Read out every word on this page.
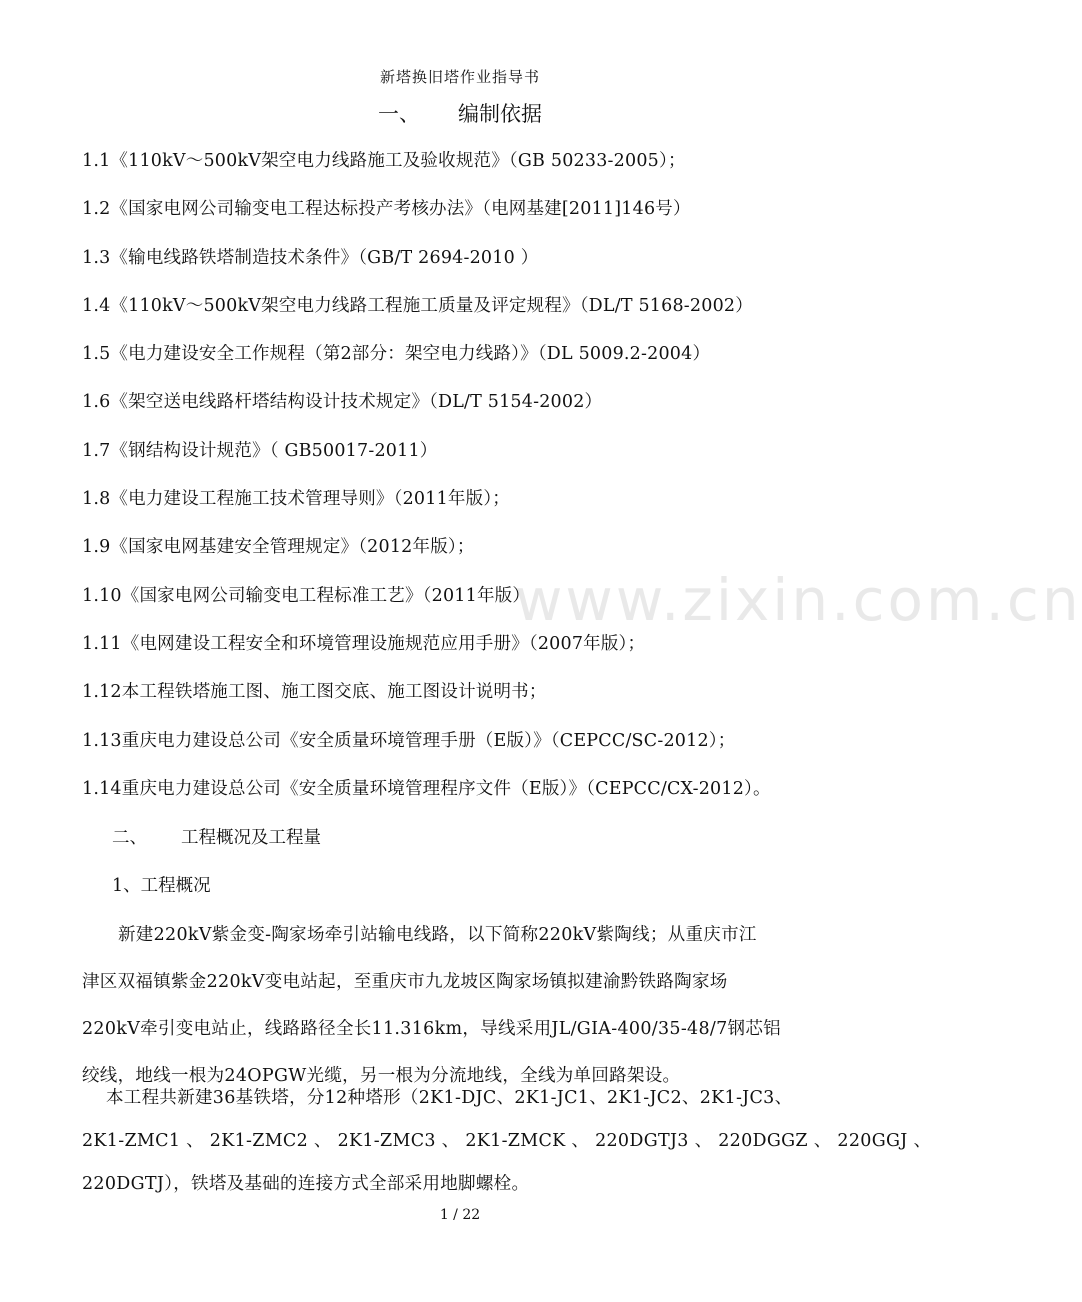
www.zixin.com.cn
新塔换旧塔作业指导书
一、 编制依据
1.1《110kV～500kV架空电力线路施工及验收规范》（GB 50233-2005）；
1.2《国家电网公司输变电工程达标投产考核办法》（电网基建[2011]146号）
1.3《输电线路铁塔制造技术条件》（GB/T 2694-2010 ）
1.4《110kV～500kV架空电力线路工程施工质量及评定规程》（DL/T 5168-2002）
1.5《电力建设安全工作规程（第2部分：架空电力线路）》（DL 5009.2-2004）
1.6《架空送电线路杆塔结构设计技术规定》（DL/T 5154-2002）
1.7《钢结构设计规范》（ GB50017-2011）
1.8《电力建设工程施工技术管理导则》（2011年版）；
1.9《国家电网基建安全管理规定》（2012年版）；
1.10《国家电网公司输变电工程标准工艺》（2011年版）
1.11《电网建设工程安全和环境管理设施规范应用手册》（2007年版）；
1.12本工程铁塔施工图、施工图交底、施工图设计说明书；
1.13重庆电力建设总公司《安全质量环境管理手册（E版）》（CEPCC/SC-2012）；
1.14重庆电力建设总公司《安全质量环境管理程序文件（E版）》（CEPCC/CX-2012）。
二、 工程概况及工程量
1、工程概况
新建220kV紫金变-陶家场牵引站输电线路，以下简称220kV紫陶线；从重庆市江
津区双福镇紫金220kV变电站起，至重庆市九龙坡区陶家场镇拟建渝黔铁路陶家场
220kV牵引变电站止，线路路径全长11.316km，导线采用JL/GIA-400/35-48/7钢芯铝
绞线，地线一根为24OPGW光缆，另一根为分流地线，全线为单回路架设。
本工程共新建36基铁塔，分12种塔形（2K1-DJC、2K1-JC1、2K1-JC2、2K1-JC3、
2K1-ZMC1 、 2K1-ZMC2 、 2K1-ZMC3 、 2K1-ZMCK 、 220DGTJ3 、 220DGGZ 、 220GGJ 、
220DGTJ），铁塔及基础的连接方式全部采用地脚螺栓。
1 / 22
